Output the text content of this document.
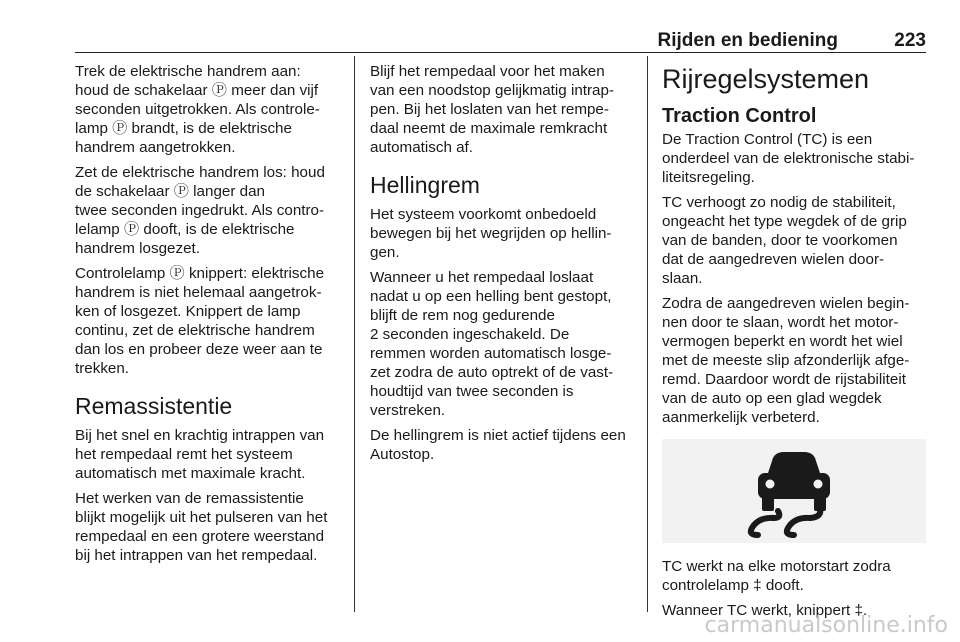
Rijden en bediening	223

Trek de elektrische handrem aan:
houd de schakelaar Ⓟ meer dan vijf
seconden uitgetrokken. Als controle-
lamp Ⓟ brandt, is de elektrische
handrem aangetrokken.

Zet de elektrische handrem los: houd
de schakelaar Ⓟ langer dan
twee seconden ingedrukt. Als contro-
lelamp Ⓟ dooft, is de elektrische
handrem losgezet.

Controlelamp Ⓟ knippert: elektrische
handrem is niet helemaal aangetrok-
ken of losgezet. Knippert de lamp
continu, zet de elektrische handrem
dan los en probeer deze weer aan te
trekken.

Remassistentie

Bij het snel en krachtig intrappen van
het rempedaal remt het systeem
automatisch met maximale kracht.

Het werken van de remassistentie
blijkt mogelijk uit het pulseren van het
rempedaal en een grotere weerstand
bij het intrappen van het rempedaal.

Blijf het rempedaal voor het maken
van een noodstop gelijkmatig intrap-
pen. Bij het loslaten van het rempe-
daal neemt de maximale remkracht
automatisch af.

Hellingrem

Het systeem voorkomt onbedoeld
bewegen bij het wegrijden op hellin-
gen.

Wanneer u het rempedaal loslaat
nadat u op een helling bent gestopt,
blijft de rem nog gedurende
2 seconden ingeschakeld. De
remmen worden automatisch losge-
zet zodra de auto optrekt of de vast-
houdtijd van twee seconden is
verstreken.

De hellingrem is niet actief tijdens een
Autostop.

Rijregelsystemen
Traction Control

De Traction Control (TC) is een
onderdeel van de elektronische stabi-
liteitsregeling.

TC verhoogt zo nodig de stabiliteit,
ongeacht het type wegdek of de grip
van de banden, door te voorkomen
dat de aangedreven wielen door-
slaan.

Zodra de aangedreven wielen begin-
nen door te slaan, wordt het motor-
vermogen beperkt en wordt het wiel
met de meeste slip afzonderlijk afge-
remd. Daardoor wordt de rijstabiliteit
van de auto op een glad wegdek
aanmerkelijk verbeterd.

TC werkt na elke motorstart zodra
controlelamp ‡ dooft.

Wanneer TC werkt, knippert ‡.

carmanualsonline.info
